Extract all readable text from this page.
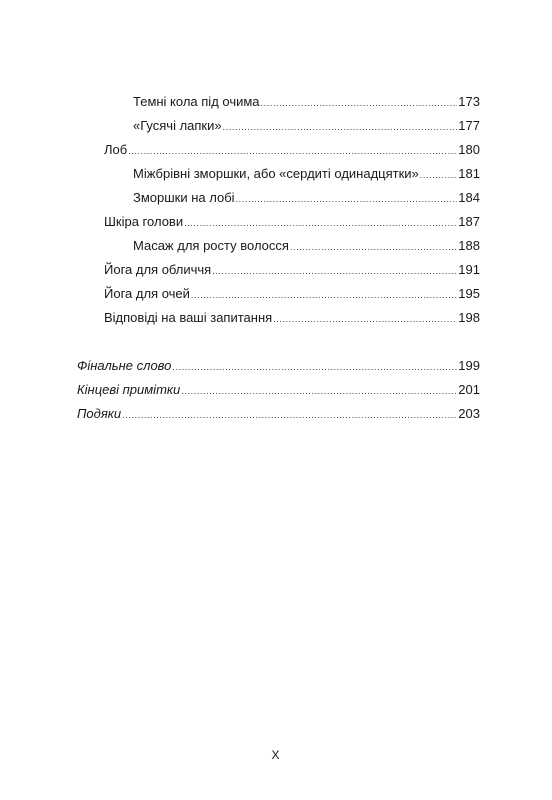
Темні кола під очима .....	173
«Гусячі лапки» .....	177
Лоб .....	180
Міжбрівні зморшки, або «сердиті одинадцятки» .....	181
Зморшки на лобі .....	184
Шкіра голови .....	187
Масаж для росту волосся .....	188
Йога для обличчя .....	191
Йога для очей .....	195
Відповіді на ваші запитання .....	198
Фінальне слово .....	199
Кінцеві примітки .....	201
Подяки .....	203
X
